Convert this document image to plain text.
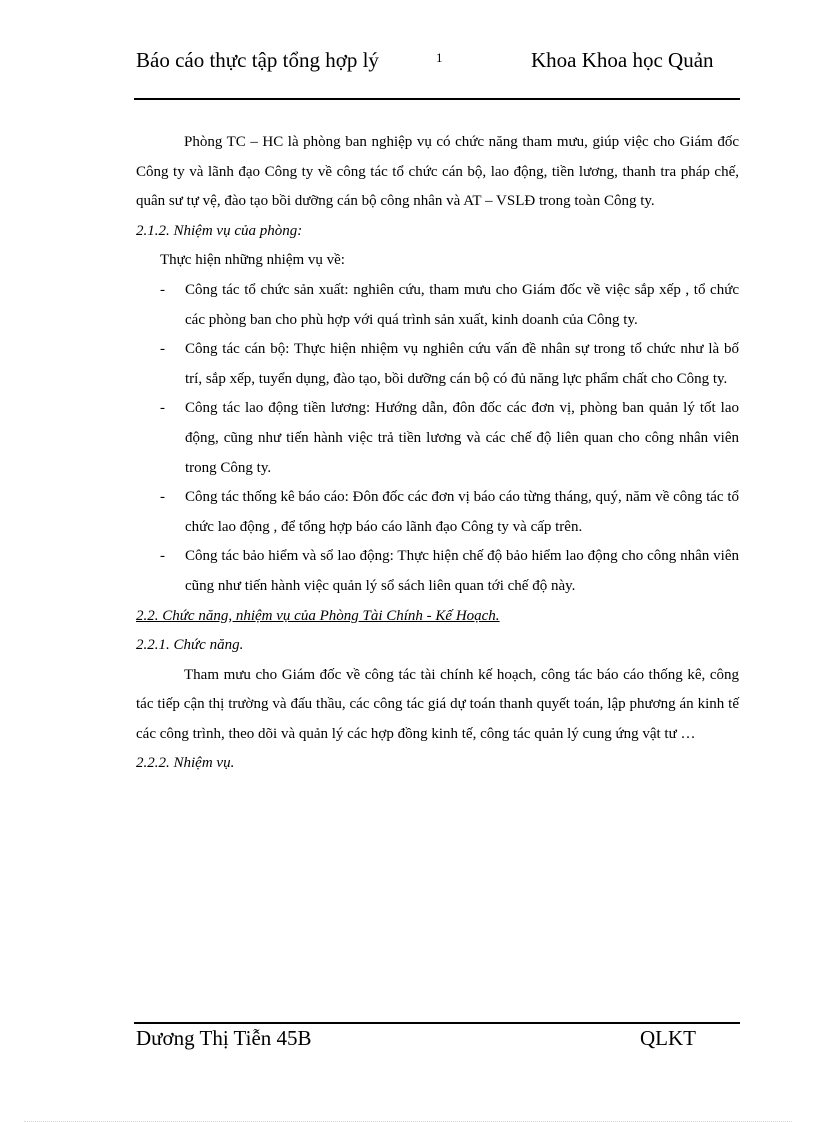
Báo cáo thực tập tổng hợp lý	1	Khoa Khoa học Quản

Phòng TC – HC là phòng ban nghiệp vụ có chức năng tham mưu, giúp việc cho Giám đốc Công ty và lãnh đạo Công ty về công tác tổ chức cán bộ, lao động, tiền lương, thanh tra pháp chế, quân sư tự vệ, đào tạo bồi dưỡng cán bộ công nhân và AT – VSLĐ trong toàn Công ty.

2.1.2. Nhiệm vụ của phòng:

Thực hiện những nhiệm vụ về:

- Công tác tổ chức sản xuất: nghiên cứu, tham mưu cho Giám đốc về việc sắp xếp , tổ chức các phòng ban cho phù hợp với quá trình sản xuất, kinh doanh của Công ty.
- Công tác cán bộ: Thực hiện nhiệm vụ nghiên cứu vấn đề nhân sự trong tổ chức như là bố trí, sắp xếp, tuyển dụng, đào tạo, bồi dưỡng cán bộ có đủ năng lực phẩm chất cho Công ty.
- Công tác lao động tiền lương: Hướng dẫn, đôn đốc các đơn vị, phòng ban quản lý tốt lao động, cũng như tiến hành việc trả tiền lương và các chế độ liên quan cho công nhân viên trong Công ty.
- Công tác thống kê báo cáo: Đôn đốc các đơn vị báo cáo từng tháng, quý, năm về công tác tổ chức lao động , để tổng hợp báo cáo lãnh đạo Công ty và cấp trên.
- Công tác bảo hiểm và sổ lao động: Thực hiện chế độ bảo hiểm lao động cho công nhân viên cũng như tiến hành việc quản lý sổ sách liên quan tới chế độ này.

2.2. Chức năng, nhiệm vụ của Phòng Tài Chính - Kế Hoạch.

2.2.1. Chức năng.

Tham mưu cho Giám đốc về công tác tài chính kế hoạch, công tác báo cáo thống kê, công tác tiếp cận thị trường và đấu thầu, các công tác giá dự toán thanh quyết toán, lập phương án kinh tế các công trình, theo dõi và quản lý các hợp đồng kinh tế, công tác quản lý cung ứng vật tư …

2.2.2. Nhiệm vụ.

Dương Thị Tiễn 45B	QLKT
